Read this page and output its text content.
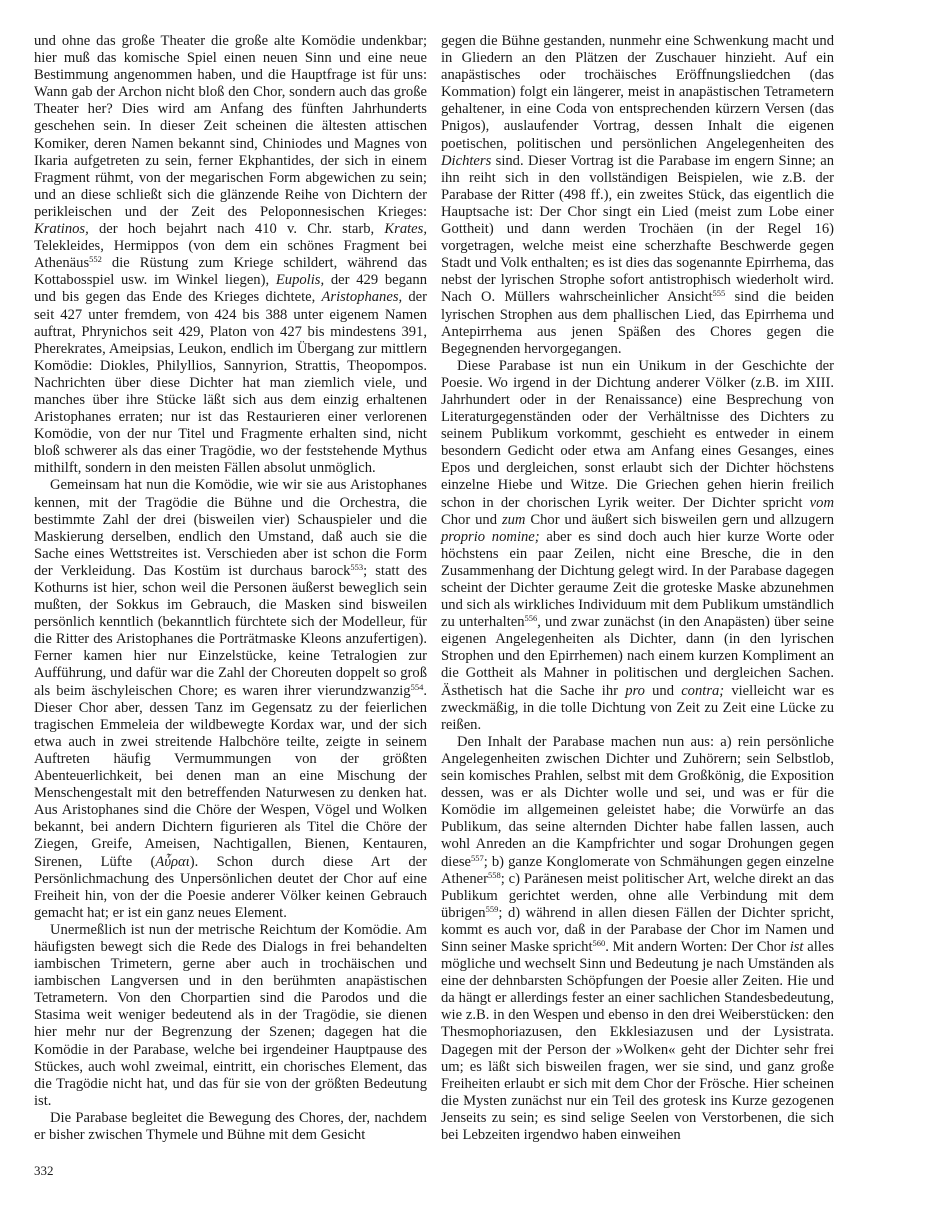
und ohne das große Theater die große alte Komödie undenkbar; hier muß das komische Spiel einen neuen Sinn und eine neue Bestimmung angenommen haben, und die Hauptfrage ist für uns: Wann gab der Archon nicht bloß den Chor, sondern auch das große Theater her? Dies wird am Anfang des fünften Jahrhunderts geschehen sein. In dieser Zeit scheinen die ältesten attischen Komiker, deren Namen bekannt sind, Chiniodes und Magnes von Ikaria aufgetreten zu sein, ferner Ekphantides, der sich in einem Fragment rühmt, von der megarischen Form abgewichen zu sein; und an diese schließt sich die glänzende Reihe von Dichtern der perikleischen und der Zeit des Peloponnesischen Krieges: Kratinos, der hoch bejahrt nach 410 v. Chr. starb, Krates, Telekleides, Hermippos (von dem ein schönes Fragment bei Athenäus$^{552}$ die Rüstung zum Kriege schildert, während das Kottabosspiel usw. im Winkel liegen), Eupolis, der 429 begann und bis gegen das Ende des Krieges dichtete, Aristophanes, der seit 427 unter fremdem, von 424 bis 388 unter eigenem Namen auftrat, Phrynichos seit 429, Platon von 427 bis mindestens 391, Pherekrates, Ameipsias, Leukon, endlich im Übergang zur mittlern Komödie: Diokles, Philyllios, Sannyrion, Strattis, Theopompos. Nachrichten über diese Dichter hat man ziemlich viele, und manches über ihre Stücke läßt sich aus dem einzig erhaltenen Aristophanes erraten; nur ist das Restaurieren einer verlorenen Komödie, von der nur Titel und Fragmente erhalten sind, nicht bloß schwerer als das einer Tragödie, wo der feststehende Mythus mithilft, sondern in den meisten Fällen absolut unmöglich.

Gemeinsam hat nun die Komödie, wie wir sie aus Aristophanes kennen, mit der Tragödie die Bühne und die Orchestra, die bestimmte Zahl der drei (bisweilen vier) Schauspieler und die Maskierung derselben, endlich den Umstand, daß auch sie die Sache eines Wettstreites ist. Verschieden aber ist schon die Form der Verkleidung. Das Kostüm ist durchaus barock$^{553}$; statt des Kothurns ist hier, schon weil die Personen äußerst beweglich sein mußten, der Sokkus im Gebrauch, die Masken sind bisweilen persönlich kenntlich (bekanntlich fürchtete sich der Modelleur, für die Ritter des Aristophanes die Porträtmaske Kleons anzufertigen). Ferner kamen hier nur Einzelstücke, keine Tetralogien zur Aufführung, und dafür war die Zahl der Choreuten doppelt so groß als beim äschyleischen Chore; es waren ihrer vierundzwanzig$^{554}$. Dieser Chor aber, dessen Tanz im Gegensatz zu der feierlichen tragischen Emmeleia der wildbewegte Kordax war, und der sich etwa auch in zwei streitende Halbchöre teilte, zeigte in seinem Auftreten häufig Vermummungen von der größten Abenteuerlichkeit, bei denen man an eine Mischung der Menschengestalt mit den betreffenden Naturwesen zu denken hat. Aus Aristophanes sind die Chöre der Wespen, Vögel und Wolken bekannt, bei andern Dichtern figurieren als Titel die Chöre der Ziegen, Greife, Ameisen, Nachtigallen, Bienen, Kentauren, Sirenen, Lüfte (Αὖραι). Schon durch diese Art der Persönlichmachung des Unpersönlichen deutet der Chor auf eine Freiheit hin, von der die Poesie anderer Völker keinen Gebrauch gemacht hat; er ist ein ganz neues Element.

Unermeßlich ist nun der metrische Reichtum der Komödie. Am häufigsten bewegt sich die Rede des Dialogs in frei behandelten iambischen Trimetern, gerne aber auch in trochäischen und iambischen Langversen und in den berühmten anapästischen Tetrametern. Von den Chorpartien sind die Parodos und die Stasima weit weniger bedeutend als in der Tragödie, sie dienen hier mehr nur der Begrenzung der Szenen; dagegen hat die Komödie in der Parabase, welche bei irgendeiner Hauptpause des Stückes, auch wohl zweimal, eintritt, ein chorisches Element, das die Tragödie nicht hat, und das für sie von der größten Bedeutung ist.

Die Parabase begleitet die Bewegung des Chores, der, nachdem er bisher zwischen Thymele und Bühne mit dem Gesicht

gegen die Bühne gestanden, nunmehr eine Schwenkung macht und in Gliedern an den Plätzen der Zuschauer hinzieht. Auf ein anapästisches oder trochäisches Eröffnungsliedchen (das Kommation) folgt ein längerer, meist in anapästischen Tetrametern gehaltener, in eine Coda von entsprechenden kürzern Versen (das Pnigos), auslaufender Vortrag, dessen Inhalt die eigenen poetischen, politischen und persönlichen Angelegenheiten des Dichters sind. Dieser Vortrag ist die Parabase im engern Sinne; an ihn reiht sich in den vollständigen Beispielen, wie z.B. der Parabase der Ritter (498 ff.), ein zweites Stück, das eigentlich die Hauptsache ist: Der Chor singt ein Lied (meist zum Lobe einer Gottheit) und dann werden Trochäen (in der Regel 16) vorgetragen, welche meist eine scherzhafte Beschwerde gegen Stadt und Volk enthalten; es ist dies das sogenannte Epirrhema, das nebst der lyrischen Strophe sofort antistrophisch wiederholt wird. Nach O. Müllers wahrscheinlicher Ansicht$^{555}$ sind die beiden lyrischen Strophen aus dem phallischen Lied, das Epirrhema und Antepirrhema aus jenen Späßen des Chores gegen die Begegnenden hervorgegangen.

Diese Parabase ist nun ein Unikum in der Geschichte der Poesie. Wo irgend in der Dichtung anderer Völker (z.B. im XIII. Jahrhundert oder in der Renaissance) eine Besprechung von Literaturgegenständen oder der Verhältnisse des Dichters zu seinem Publikum vorkommt, geschieht es entweder in einem besondern Gedicht oder etwa am Anfang eines Gesanges, eines Epos und dergleichen, sonst erlaubt sich der Dichter höchstens einzelne Hiebe und Witze. Die Griechen gehen hierin freilich schon in der chorischen Lyrik weiter. Der Dichter spricht vom Chor und zum Chor und äußert sich bisweilen gern und allzugern proprio nomine; aber es sind doch auch hier kurze Worte oder höchstens ein paar Zeilen, nicht eine Bresche, die in den Zusammenhang der Dichtung gelegt wird. In der Parabase dagegen scheint der Dichter geraume Zeit die groteske Maske abzunehmen und sich als wirkliches Individuum mit dem Publikum umständlich zu unterhalten$^{556}$, und zwar zunächst (in den Anapästen) über seine eigenen Angelegenheiten als Dichter, dann (in den lyrischen Strophen und den Epirrhemen) nach einem kurzen Kompliment an die Gottheit als Mahner in politischen und dergleichen Sachen. Ästhetisch hat die Sache ihr pro und contra; vielleicht war es zweckmäßig, in die tolle Dichtung von Zeit zu Zeit eine Lücke zu reißen.

Den Inhalt der Parabase machen nun aus: a) rein persönliche Angelegenheiten zwischen Dichter und Zuhörern; sein Selbstlob, sein komisches Prahlen, selbst mit dem Großkönig, die Exposition dessen, was er als Dichter wolle und sei, und was er für die Komödie im allgemeinen geleistet habe; die Vorwürfe an das Publikum, das seine alternden Dichter habe fallen lassen, auch wohl Anreden an die Kampfrichter und sogar Drohungen gegen diese$^{557}$; b) ganze Konglomerate von Schmähungen gegen einzelne Athener$^{558}$; c) Paränesen meist politischer Art, welche direkt an das Publikum gerichtet werden, ohne alle Verbindung mit dem übrigen$^{559}$; d) während in allen diesen Fällen der Dichter spricht, kommt es auch vor, daß in der Parabase der Chor im Namen und Sinn seiner Maske spricht$^{560}$. Mit andern Worten: Der Chor ist alles mögliche und wechselt Sinn und Bedeutung je nach Umständen als eine der dehnbarsten Schöpfungen der Poesie aller Zeiten. Hie und da hängt er allerdings fester an einer sachlichen Standesbedeutung, wie z.B. in den Wespen und ebenso in den drei Weiberstücken: den Thesmophoriazusen, den Ekklesiazusen und der Lysistrata. Dagegen mit der Person der »Wolken« geht der Dichter sehr frei um; es läßt sich bisweilen fragen, wer sie sind, und ganz große Freiheiten erlaubt er sich mit dem Chor der Frösche. Hier scheinen die Mysten zunächst nur ein Teil des grotesk ins Kurze gezogenen Jenseits zu sein; es sind selige Seelen von Verstorbenen, die sich bei Lebzeiten irgendwo haben einweihen

332
